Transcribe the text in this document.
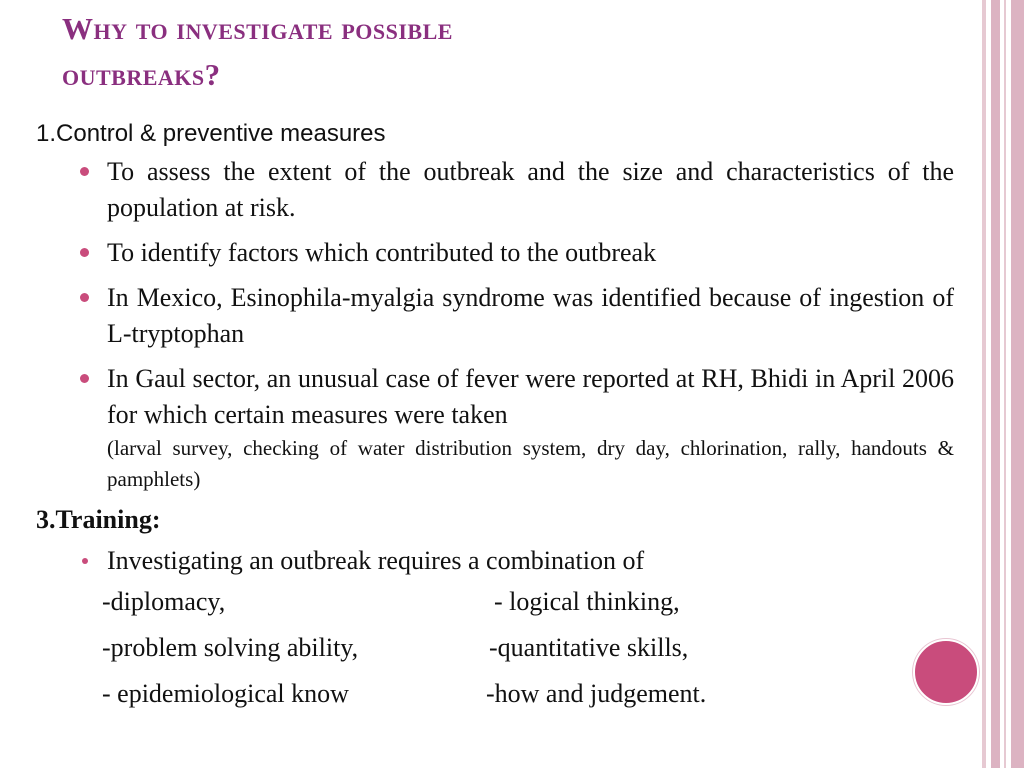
Why to investigate possible
outbreaks?

1.Control & preventive measures

To assess the extent of the outbreak and the size and characteristics of the population at risk.
To identify factors which contributed to the outbreak
In Mexico, Esinophila-myalgia syndrome was identified because of ingestion of L-tryptophan
In Gaul sector, an unusual case of fever were reported at RH, Bhidi in April 2006 for which certain measures were taken
(larval survey, checking of water distribution system, dry day, chlorination, rally, handouts & pamphlets)

3.Training:

Investigating an outbreak requires a combination of
-diplomacy,	- logical thinking,
-problem solving ability,	-quantitative skills,
- epidemiological know	-how and judgement.
